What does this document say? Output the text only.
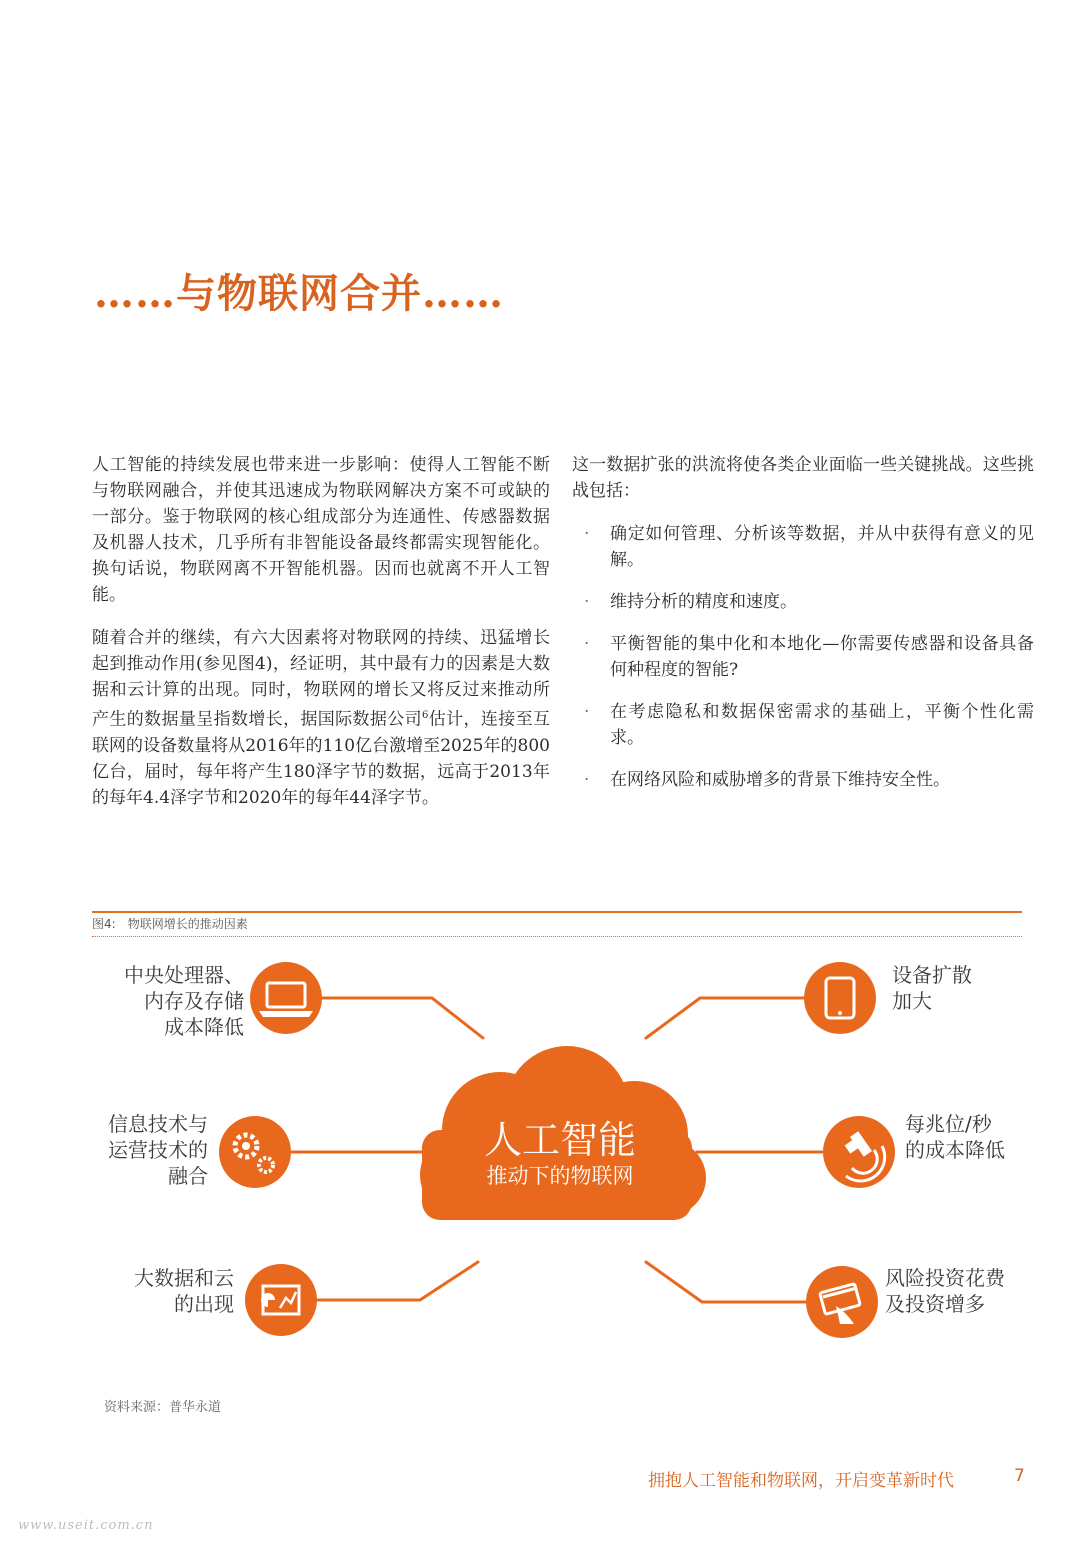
……与物联网合并……

人工智能的持续发展也带来进一步影响：使得人工智能不断与物联网融合，并使其迅速成为物联网解决方案不可或缺的一部分。鉴于物联网的核心组成部分为连通性、传感器数据及机器人技术，几乎所有非智能设备最终都需实现智能化。换句话说，物联网离不开智能机器。因而也就离不开人工智能。

随着合并的继续，有六大因素将对物联网的持续、迅猛增长起到推动作用(参见图4)，经证明，其中最有力的因素是大数据和云计算的出现。同时，物联网的增长又将反过来推动所产生的数据量呈指数增长，据国际数据公司$^6$估计，连接至互联网的设备数量将从2016年的110亿台激增至2025年的800亿台，届时，每年将产生180泽字节的数据，远高于2013年的每年4.4泽字节和2020年的每年44泽字节。

这一数据扩张的洪流将使各类企业面临一些关键挑战。这些挑战包括：

· 确定如何管理、分析该等数据，并从中获得有意义的见解。
· 维持分析的精度和速度。
· 平衡智能的集中化和本地化—你需要传感器和设备具备何种程度的智能?
· 在考虑隐私和数据保密需求的基础上，平衡个性化需求。
· 在网络风险和威胁增多的背景下维持安全性。
图4: 物联网增长的推动因素
人工智能
推动下的物联网
中央处理器、
内存及存储
成本降低
信息技术与
运营技术的
融合
大数据和云
的出现
设备扩散
加大
每兆位/秒
的成本降低
风险投资花费
及投资增多
资料来源：普华永道
拥抱人工智能和物联网，开启变革新时代	7
www.useit.com.cn
